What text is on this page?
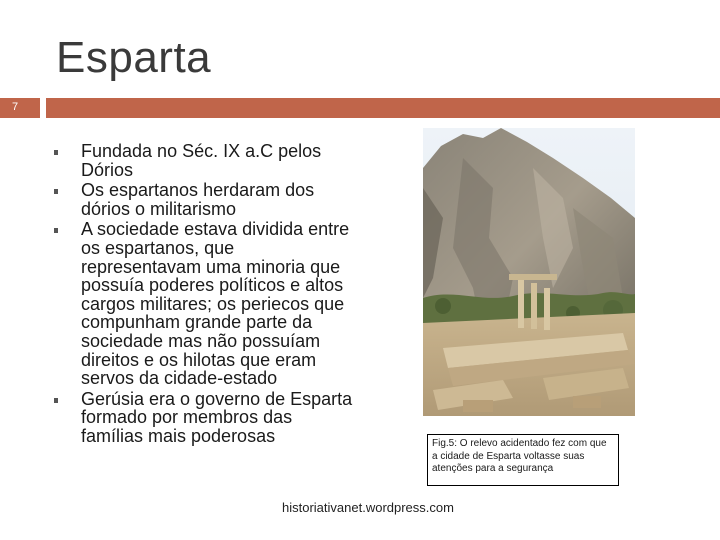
Esparta
7
Fundada no Séc. IX a.C pelos Dórios
Os espartanos herdaram dos dórios o militarismo
A sociedade estava dividida entre os espartanos, que representavam uma minoria que possuía poderes políticos e altos cargos militares; os periecos que compunham grande parte da sociedade mas não possuíam direitos e os hilotas que eram servos da cidade-estado
Gerúsia era o governo de Esparta formado por membros das famílias mais poderosas	Fig.5: O relevo acidentado fez com que a cidade de Esparta voltasse suas atenções para a segurança
historiativanet.wordpress.com
